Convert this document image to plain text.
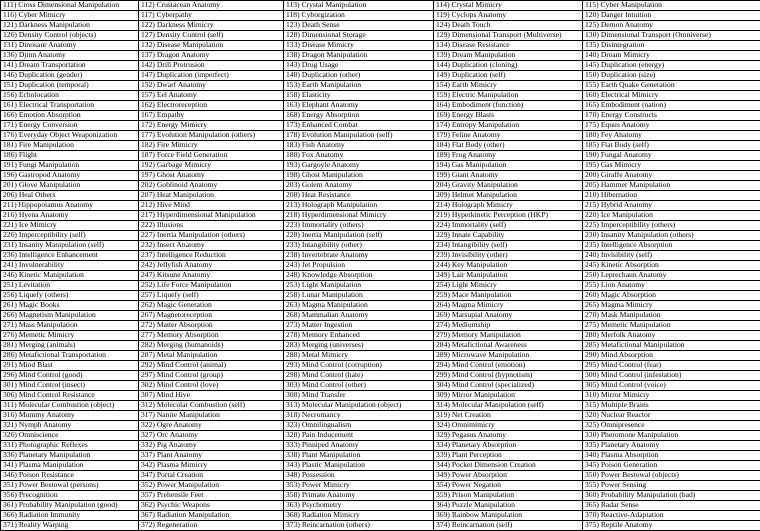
111) Cross Dimensional Manipulation	112) Crustacean Anatomy	113) Crystal Manipulation	114) Crystal Mimicry	115) Cyber Manipulation
116) Cyber Mimicry	117) Cyberpathy	118) Cyborgization	119) Cyclops Anatomy	120) Danger Intuition
121) Darkness Manipulation	122) Darkness Mimicry	123) Death Sense	124) Death Touch	125) Demon Anatomy
126) Density Control (objects)	127) Density Control (self)	128) Dimensional Storage	129) Dimensional Transport (Multiverse)	130) Dimensional Transport (Omniverse)
131) Dinosaur Anatomy	132) Disease Manipulation	133) Disease Mimicry	134) Disease Resistance	135) Disintegration
136) Djinn Anatomy	137) Dragon Anatomy	138) Dragon Manipulation	139) Dream Manipulation	140) Dream Mimicry
141) Dream Transportation	142) Drill Protrusion	143) Drug Usage	144) Duplication (cloning)	145) Duplication (energy)
146) Duplication (gender)	147) Duplication (imperfect)	148) Duplication (other)	149) Duplication (self)	150) Duplication (size)
151) Duplication (temporal)	152) Dwarf Anatomy	153) Earth Manipulation	154) Earth Mimicry	155) Earth Quake Generation
156) Echolocation	157) Eel Anatomy	158) Elasticity	159) Electric Manipulation	160) Electrical Mimicry
161) Electrical Transportation	162) Electroreception	163) Elephant Anatomy	164) Embodiment (function)	165) Embodiment (nation)
166) Emotion Absorption	167) Empathy	168) Energy Absorption	169) Energy Blasts	170) Energy Constructs
171) Energy Conversion	172) Energy Mimicry	173) Enhanced Combat	174) Entropy Manipulation	175) Equus Anatomy
176) Everyday Object Weaponization	177) Evolution Manipulation (others)	178) Evolution Manipulation (self)	179) Feline Anatomy	180) Fey Anatomy
181) Fire Manipulation	182) Fire Mimicry	183) Fish Anatomy	184) Flat Body (other)	185) Flat Body (self)
186) Flight	187) Force Field Generation	188) Fox Anatomy	189) Frog Anatomy	190) Fungal Anatomy
191) Fungi Manipulation	192) Garbage Mimicry	193) Gargoyle Anatomy	194) Gas Manipulation	195) Gas Mimicry
196) Gastropod Anatomy	197) Ghost Anatomy	198) Ghost Manipulation	199) Giant Anatomy	200) Giraffe Anatomy
201) Glove Manipulation	202) Goblinoid Anatomy	203) Golem Anatomy	204) Gravity Manipulation	205) Hammer Manipulation
206) Heal Others	207) Heat Manipulation	208) Heat Resistance	209) Helmet Manipulation	210) Hibernation
211) Hippopotamus Anatomy	212) Hive Mind	213) Holograph Manipulation	214) Holograph Mimicry	215) Hybrid Anatomy
216) Hyena Anatomy	217) Hyperdimensional Manipulation	218) Hyperdimensional Mimicry	219) Hyperkinetic Perception (HKP)	220) Ice Manipulation
221) Ice Mimicry	222) Illusions	223) Immortality (others)	224) Immortality (self)	225) Imperceptibility (others)
226) Imperceptibility (self)	227) Inertia Manipulation (others)	228) Inertia Manipulation (self)	229) Innate Capability	230) Insanity Manipulation (others)
231) Insanity Manipulation (self)	232) Insect Anatomy	233) Intangibility (other)	234) Intangibility (self)	235) Intelligence Absorption
236) Intelligence Enhancement	237) Intelligence Reduction	238) Invertebrate Anatomy	239) Invisibility (other)	240) Invisibility (self)
241) Invulnerability	242) Jellyfish Anatomy	243) Jet Propulsion	244) Key Manipulation	245) Kinetic Absorption
246) Kinetic Manipulation	247) Kitsune Anatomy	248) Knowledge Absorption	249) Lair Manipulation	250) Leprechaun Anatomy
251) Levitation	252) Life Force Manipulation	253) Light Manipulation	254) Light Mimicry	255) Lion Anatomy
256) Liquefy (others)	257) Liquefy (self)	258) Lunar Manipulation	259) Mace Manipulation	260) Magic Absorption
261) Magic Books	262) Magic Generation	263) Magma Manipulation	264) Magma Mimicry	265) Magma Mimicry
266) Magnetism Manipulation	267) Magnetoreception	268) Mammalian Anatomy	269) Marsupial Anatomy	270) Mask Manipulation
271) Mass Manipulation	272) Matter Absorption	273) Matter Ingestion	274) Mediumship	275) Memetic Manipulation
276) Memetic Mimicry	277) Memory Absorption	278) Memory Enhanced	279) Memory Manipulation	280) Merfolk Anatomy
281) Merging (animals)	282) Merging (humanoids)	283) Merging (universes)	284) Metafictional Awareness	285) Metafictional Manipulation
286) Metafictional Transportation	287) Metal Manipulation	288) Metal Mimicry	289) Microwave Manipulation	290) Mind Absorption
291) Mind Blast	292) Mind Control (animal)	293) Mind Control (corruption)	294) Mind Control (emotion)	295) Mind Control (fear)
296) Mind Control (good)	297) Mind Control (group)	298) Mind Control (hate)	299) Mind Control (hypnotism)	300) Mind Control (infestation)
301) Mind Control (insect)	302) Mind Control (love)	303) Mind Control (other)	304) Mind Control (specialized)	305) Mind Control (voice)
306) Mind Control Resistance	307) Mind Hive	308) Mind Transfer	309) Mirror Manipulation	310) Mirror Mimicry
311) Molecular Combustion (object)	312) Molecular Combustion (self)	313) Molecular Manipulation (object)	314) Molecular Manipulation (self)	315) Multiple Brains
316) Mummy Anatomy	317) Nanite Manipulation	318) Necromancy	319) Net Creation	320) Nuclear Reactor
321) Nymph Anatomy	322) Ogre Anatomy	323) Omnilingualism	324) Omnimimicry	325) Omnipresence
326) Omniscience	327) Orc Anatomy	328) Pain Inducement	329) Pegasus Anatomy	330) Pheromone Manipulation
331) Photographic Reflexes	332) Pig Anatomy	333) Pinniped Anatomy	334) Planetary Absorption	335) Planetary Anatomy
336) Planetary Manipulation	337) Plant Anatomy	338) Plant Manipulation	339) Plant Perception	340) Plasma Absorption
341) Plasma Manipulation	342) Plasma Mimicry	343) Plastic Manipulation	344) Pocket Dimension Creation	345) Poison Generation
346) Poison Resistance	347) Portal Creation	348) Possession	349) Power Absorption	350) Power Bestowal (objects)
351) Power Bestowal (persons)	352) Power Manipulation	353) Power Mimicry	354) Power Negation	355) Power Sensing
356) Precognition	357) Prehensile Feet	358) Primate Anatomy	359) Prison Manipulation	360) Probability Manipulation (bad)
361) Probability Manipulation (good)	362) Psychic Weapons	363) Psychometry	364) Puzzle Manipulation	365) Radar Sense
366) Radiation Immunity	367) Radiation Manipulation	368) Radiation Mimicry	369) Rainbow Manipulation	370) Reactive-Adaptation
371) Reality Warping	372) Regeneration	373) Reincarnation (others)	374) Reincarnation (self)	375) Reptile Anatomy
